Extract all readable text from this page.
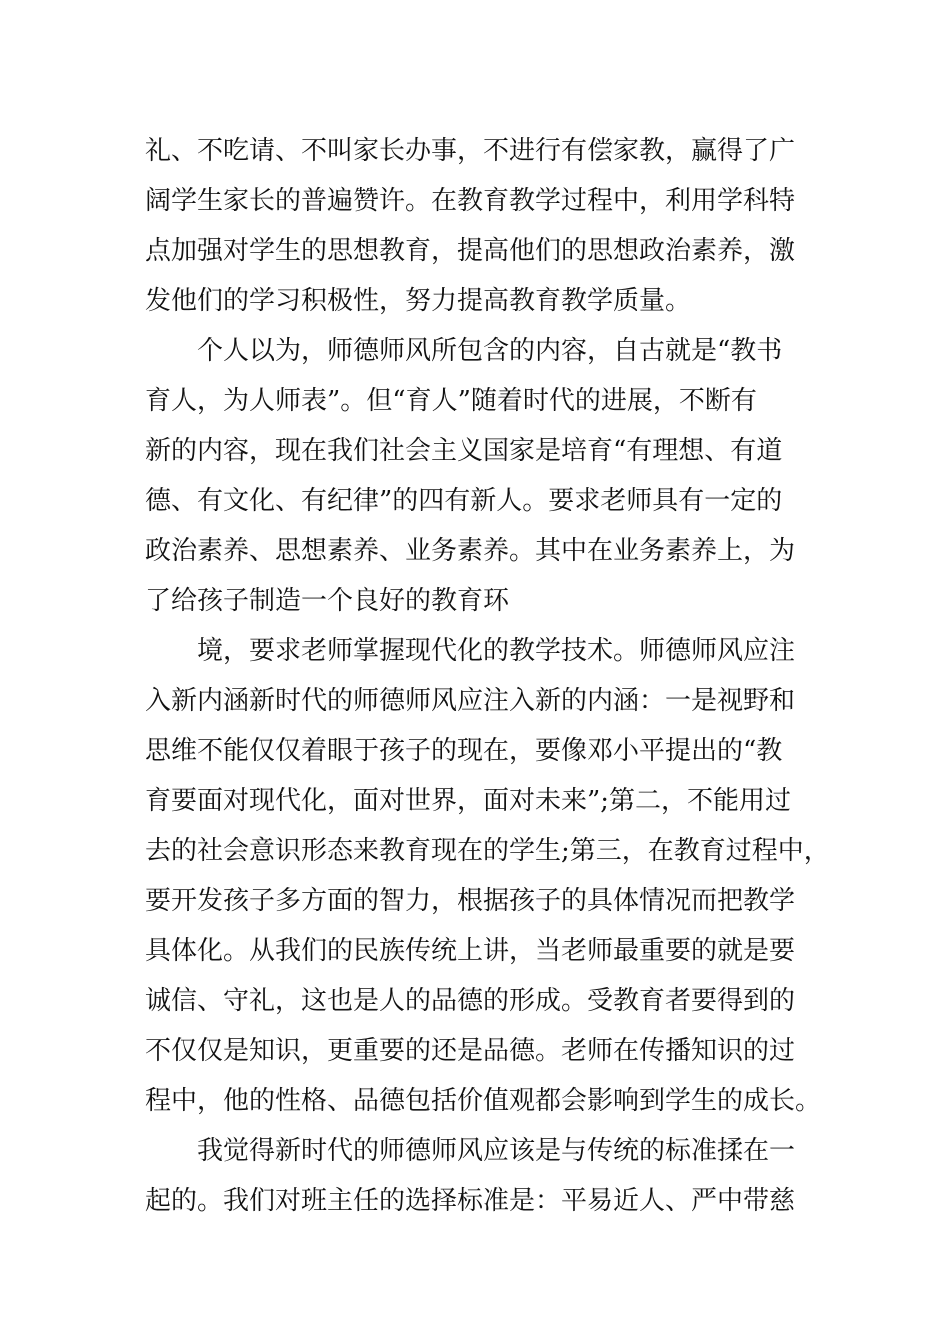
礼、不吃请、不叫家长办事，不进行有偿家教，赢得了广
阔学生家长的普遍赞许。在教育教学过程中，利用学科特
点加强对学生的思想教育，提高他们的思想政治素养，激
发他们的学习积极性，努力提高教育教学质量。
个人以为，师德师风所包含的内容，自古就是“教书
育人，为人师表”。但“育人”随着时代的进展，不断有
新的内容，现在我们社会主义国家是培育“有理想、有道
德、有文化、有纪律”的四有新人。要求老师具有一定的
政治素养、思想素养、业务素养。其中在业务素养上，为
了给孩子制造一个良好的教育环
境，要求老师掌握现代化的教学技术。师德师风应注
入新内涵新时代的师德师风应注入新的内涵：一是视野和
思维不能仅仅着眼于孩子的现在，要像邓小平提出的“教
育要面对现代化，面对世界，面对未来”;第二，不能用过
去的社会意识形态来教育现在的学生;第三，在教育过程中，
要开发孩子多方面的智力，根据孩子的具体情况而把教学
具体化。从我们的民族传统上讲，当老师最重要的就是要
诚信、守礼，这也是人的品德的形成。受教育者要得到的
不仅仅是知识，更重要的还是品德。老师在传播知识的过
程中，他的性格、品德包括价值观都会影响到学生的成长。
我觉得新时代的师德师风应该是与传统的标准揉在一
起的。我们对班主任的选择标准是：平易近人、严中带慈
